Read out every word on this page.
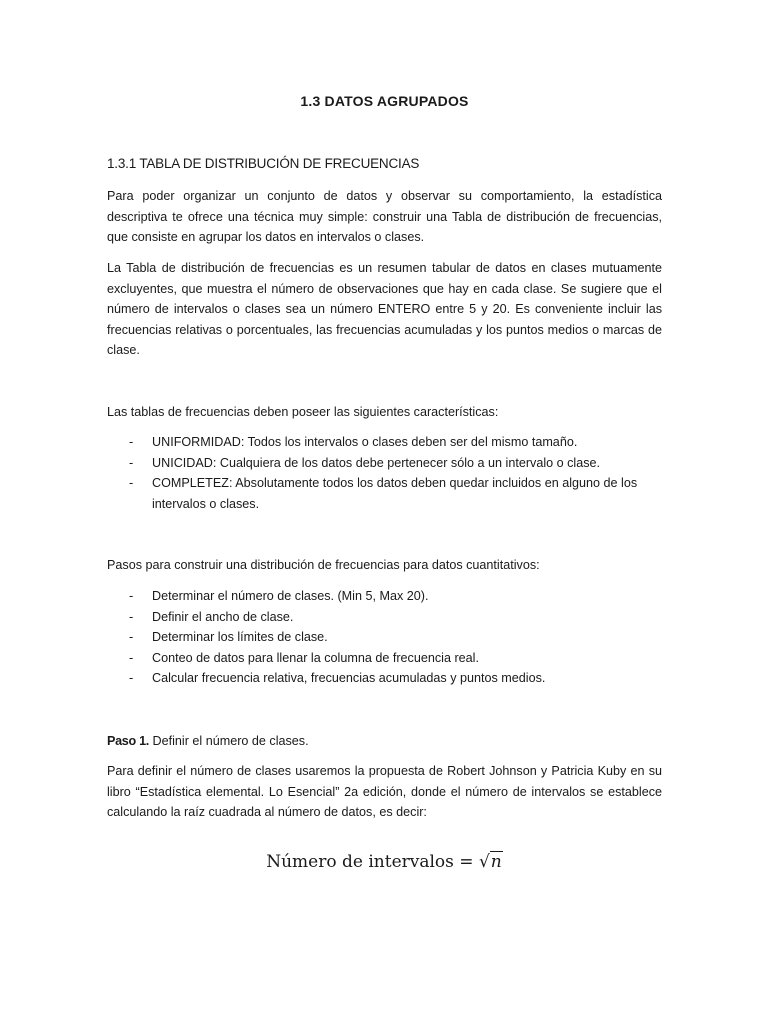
1.3 DATOS AGRUPADOS
1.3.1 TABLA DE DISTRIBUCIÓN DE FRECUENCIAS
Para poder organizar un conjunto de datos y observar su comportamiento, la estadística descriptiva te ofrece una técnica muy simple: construir una Tabla de distribución de frecuencias, que consiste en agrupar los datos en intervalos o clases.
La Tabla de distribución de frecuencias es un resumen tabular de datos en clases mutuamente excluyentes, que muestra el número de observaciones que hay en cada clase. Se sugiere que el número de intervalos o clases sea un número ENTERO entre 5 y 20. Es conveniente incluir las frecuencias relativas o porcentuales, las frecuencias acumuladas y los puntos medios o marcas de clase.
Las tablas de frecuencias deben poseer las siguientes características:
- UNIFORMIDAD: Todos los intervalos o clases deben ser del mismo tamaño.
- UNICIDAD: Cualquiera de los datos debe pertenecer sólo a un intervalo o clase.
- COMPLETEZ: Absolutamente todos los datos deben quedar incluidos en alguno de los intervalos o clases.
Pasos para construir una distribución de frecuencias para datos cuantitativos:
- Determinar el número de clases. (Min 5, Max 20).
- Definir el ancho de clase.
- Determinar los límites de clase.
- Conteo de datos para llenar la columna de frecuencia real.
- Calcular frecuencia relativa, frecuencias acumuladas y puntos medios.
Paso 1. Definir el número de clases.
Para definir el número de clases usaremos la propuesta de Robert Johnson y Patricia Kuby en su libro “Estadística elemental. Lo Esencial” 2a edición, donde el número de intervalos se establece calculando la raíz cuadrada al número de datos, es decir:
Número de intervalos = √n
